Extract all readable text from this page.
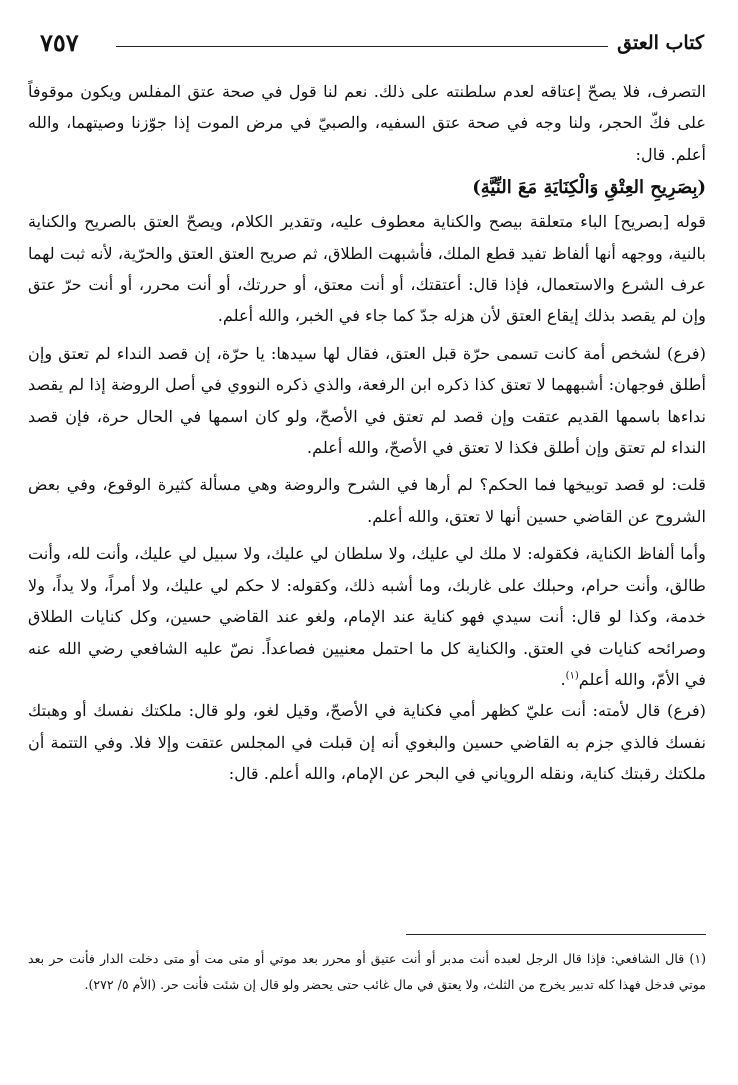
كتاب العتق
٧٥٧

التصرف، فلا يصحّ إعتاقه لعدم سلطنته على ذلك. نعم لنا قول في صحة عتق المفلس ويكون موقوفاً على فكّ الحجر، ولنا وجه في صحة عتق السفيه، والصبيّ في مرض الموت إذا جوّزنا وصيتهما، والله أعلم. قال:

(بِصَرِيحِ العِتْقِ وَالْكِنَايَةِ مَعَ النِّيَّةِ)

قوله [بصريح] الباء متعلقة بيصح والكناية معطوف عليه، وتقدير الكلام، ويصحّ العتق بالصريح والكناية بالنية، ووجهه أنها ألفاظ تفيد قطع الملك، فأشبهت الطلاق، ثم صريح العتق العتق والحرّية، لأنه ثبت لهما عرف الشرع والاستعمال، فإذا قال: أعتقتك، أو أنت معتق، أو حررتك، أو أنت محرر، أو أنت حرّ عتق وإن لم يقصد بذلك إيقاع العتق لأن هزله جدّ كما جاء في الخبر، والله أعلم.

(فرع) لشخص أمة كانت تسمى حرّة قبل العتق، فقال لها سيدها: يا حرّة، إن قصد النداء لم تعتق وإن أطلق فوجهان: أشبههما لا تعتق كذا ذكره ابن الرفعة، والذي ذكره النووي في أصل الروضة إذا لم يقصد نداءها باسمها القديم عتقت وإن قصد لم تعتق في الأصحّ، ولو كان اسمها في الحال حرة، فإن قصد النداء لم تعتق وإن أطلق فكذا لا تعتق في الأصحّ، والله أعلم.

قلت: لو قصد توبيخها فما الحكم؟ لم أرها في الشرح والروضة وهي مسألة كثيرة الوقوع، وفي بعض الشروح عن القاضي حسين أنها لا تعتق، والله أعلم.

وأما ألفاظ الكناية، فكقوله: لا ملك لي عليك، ولا سلطان لي عليك، ولا سبيل لي عليك، وأنت لله، وأنت طالق، وأنت حرام، وحبلك على غاربك، وما أشبه ذلك، وكقوله: لا حكم لي عليك، ولا أمراً، ولا يداً، ولا خدمة، وكذا لو قال: أنت سيدي فهو كناية عند الإمام، ولغو عند القاضي حسين، وكل كنايات الطلاق وصرائحه كنايات في العتق. والكناية كل ما احتمل معنيين فصاعداً. نصّ عليه الشافعي رضي الله عنه في الأمّ، والله أعلم$^{(١)}$.

(فرع) قال لأمته: أنت عليّ كظهر أمي فكناية في الأصحّ، وقيل لغو، ولو قال: ملكتك نفسك أو وهبتك نفسك فالذي جزم به القاضي حسين والبغوي أنه إن قبلت في المجلس عتقت وإلا فلا. وفي التتمة أن ملكتك رقبتك كناية، ونقله الروياني في البحر عن الإمام، والله أعلم. قال:

(١) قال الشافعي: فإذا قال الرجل لعبده أنت مدبر أو أنت عتيق أو محرر بعد موتي أو متى مت أو متى دخلت الدار فأنت حر بعد موتي فدخل فهذا كله تدبير يخرج من الثلث، ولا يعتق في مال غائب حتى يحضر ولو قال إن شئت فأنت حر. (الأم ٥/ ٢٧٢).
